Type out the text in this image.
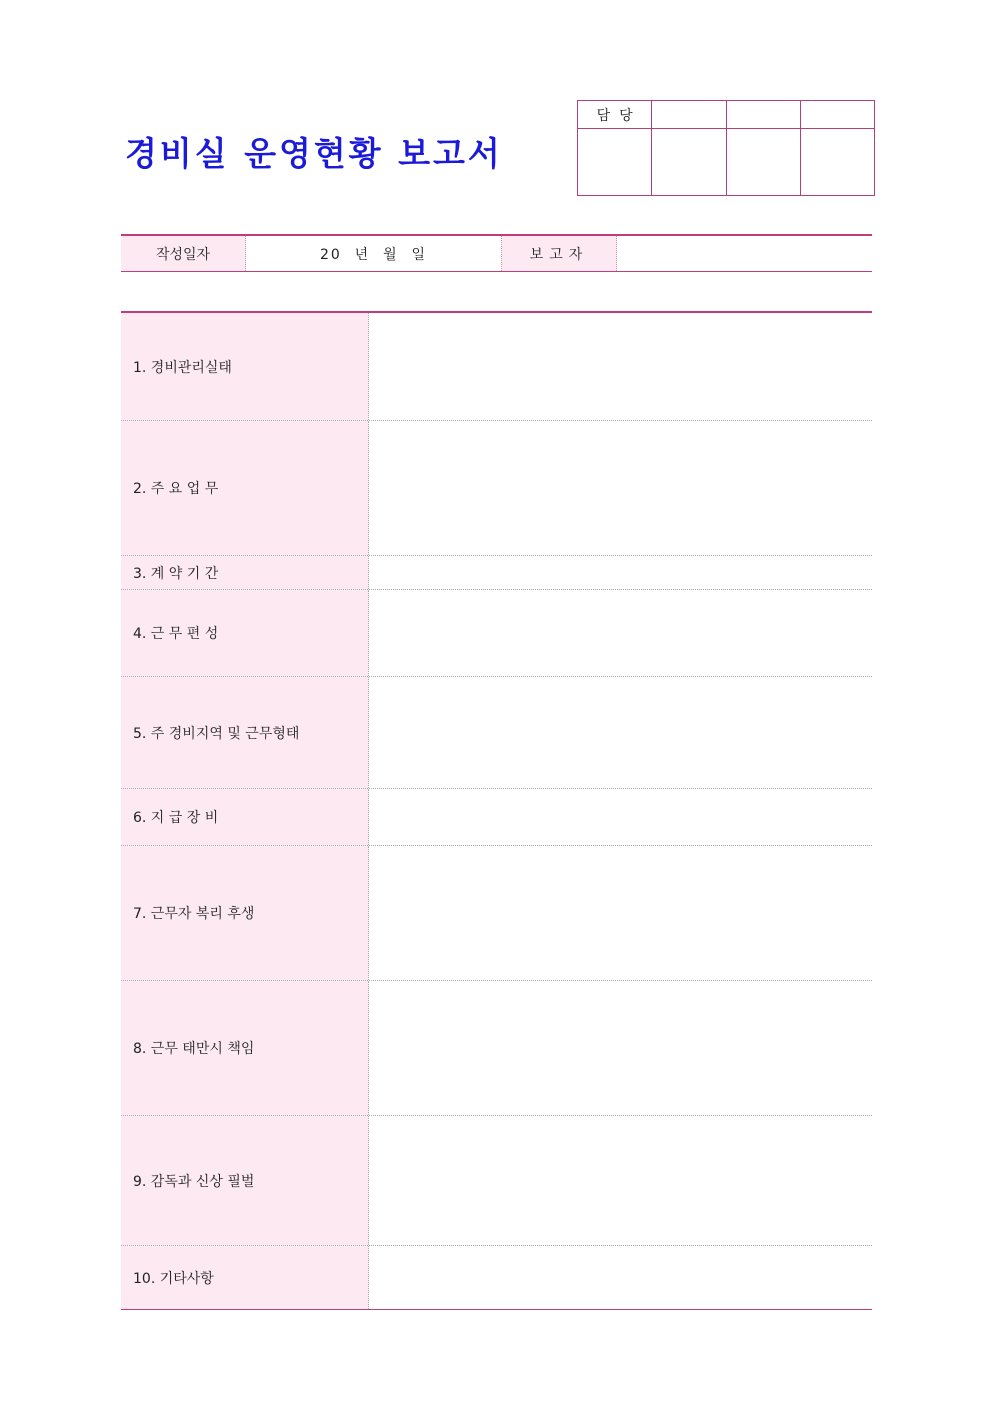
경비실 운영현황 보고서
담  당			

작성일자	20  년  월  일	보고자
1. 경비관리실태
2. 주 요 업 무
3. 계 약 기 간
4. 근 무 편 성
5. 주 경비지역 및 근무형태
6. 지 급 장 비
7. 근무자 복리 후생
8. 근무 태만시 책임
9. 감독과 신상 필벌
10. 기타사항
